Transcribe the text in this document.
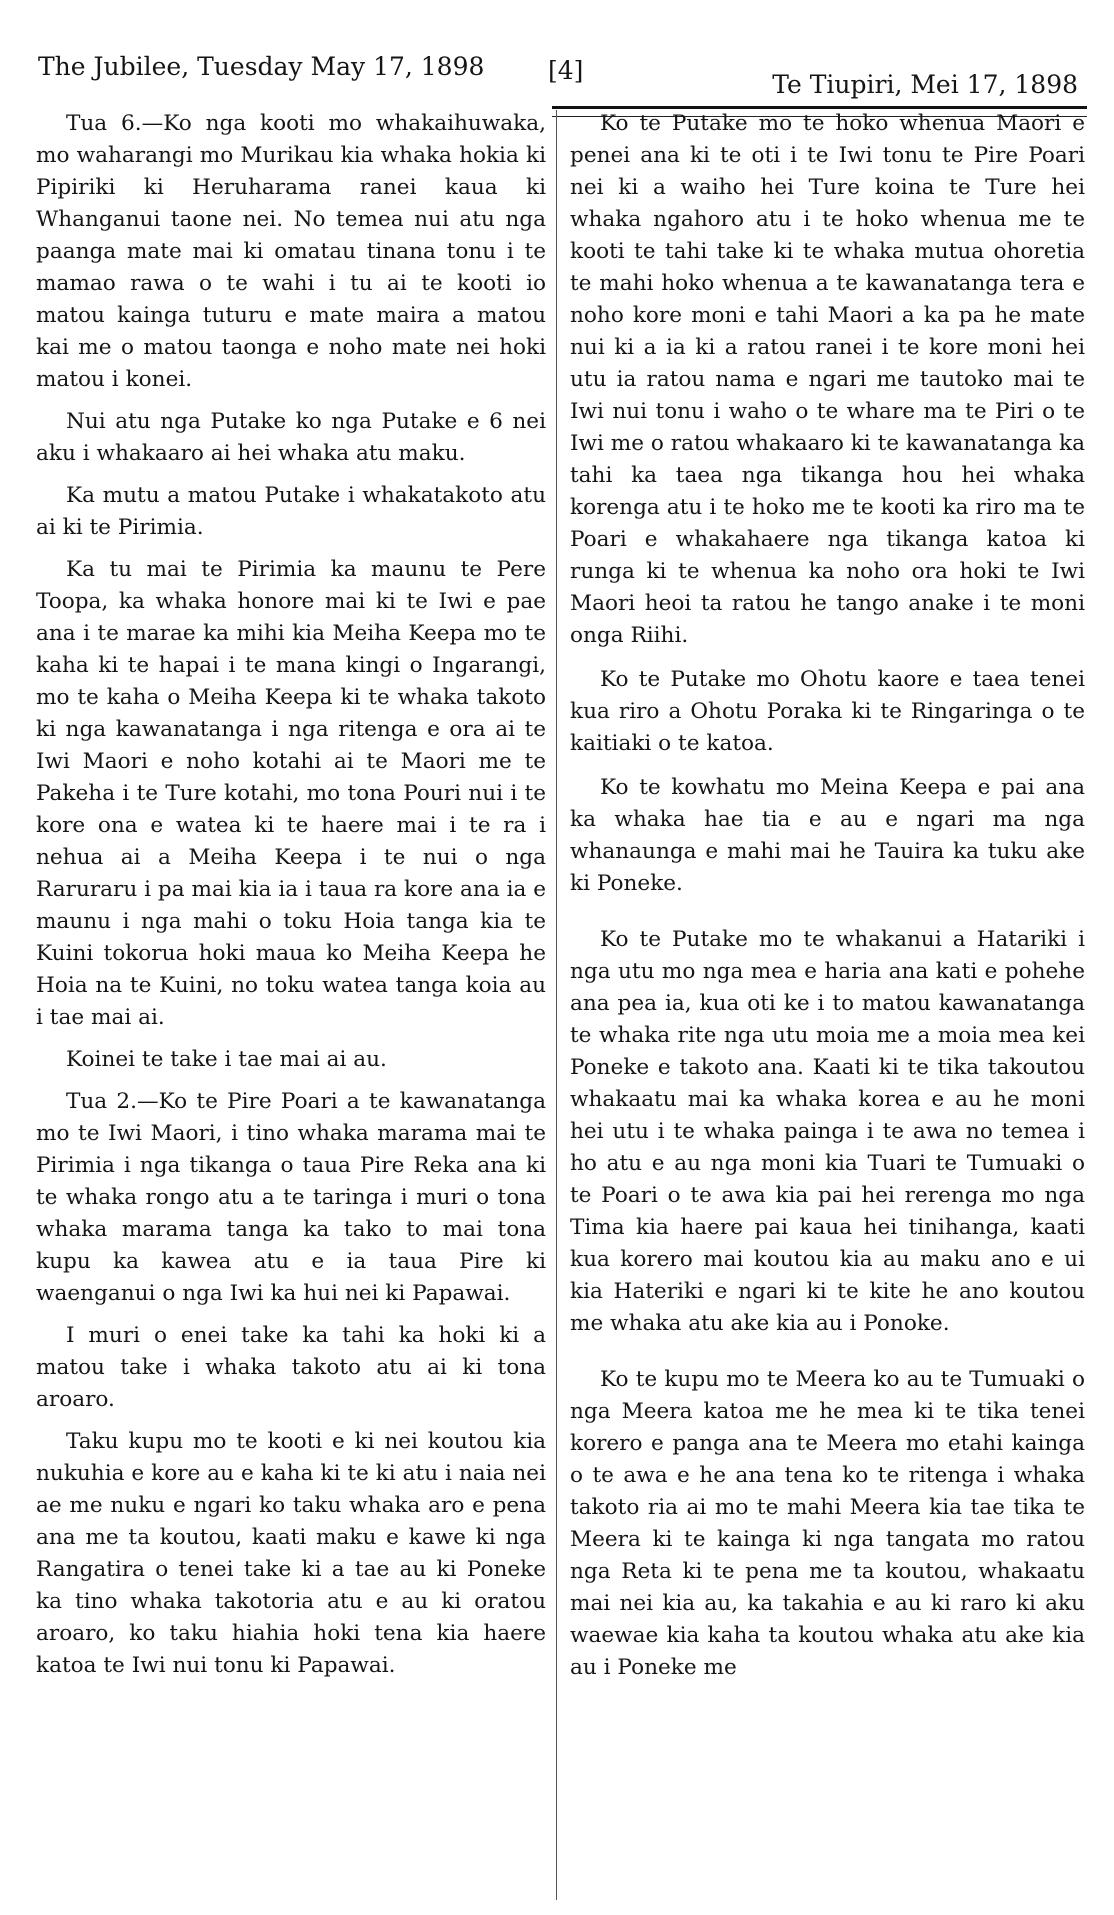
The Jubilee, Tuesday May 17, 1898	[4]	Te Tiupiri, Mei 17, 1898

Tua 6.—Ko nga kooti mo whakaihuwaka, mo waharangi mo Murikau kia whaka hokia ki Pipiriki ki Heruharama ranei kaua ki Whanganui taone nei. No temea nui atu nga paanga mate mai ki omatau tinana tonu i te mamao rawa o te wahi i tu ai te kooti io matou kainga tuturu e mate maira a matou kai me o matou taonga e noho mate nei hoki matou i konei.

Nui atu nga Putake ko nga Putake e 6 nei aku i whakaaro ai hei whaka atu maku.

Ka mutu a matou Putake i whakatakoto atu ai ki te Pirimia.

Ka tu mai te Pirimia ka maunu te Pere Toopa, ka whaka honore mai ki te Iwi e pae ana i te marae ka mihi kia Meiha Keepa mo te kaha ki te hapai i te mana kingi o Ingarangi, mo te kaha o Meiha Keepa ki te whaka takoto ki nga kawanatanga i nga ritenga e ora ai te Iwi Maori e noho kotahi ai te Maori me te Pakeha i te Ture kotahi, mo tona Pouri nui i te kore ona e watea ki te haere mai i te ra i nehua ai a Meiha Keepa i te nui o nga Raruraru i pa mai kia ia i taua ra kore ana ia e maunu i nga mahi o toku Hoia tanga kia te Kuini tokorua hoki maua ko Meiha Keepa he Hoia na te Kuini, no toku watea tanga koia au i tae mai ai.

Koinei te take i tae mai ai au.

Tua 2.—Ko te Pire Poari a te kawanatanga mo te Iwi Maori, i tino whaka marama mai te Pirimia i nga tikanga o taua Pire Reka ana ki te whaka rongo atu a te taringa i muri o tona whaka marama tanga ka tako to mai tona kupu ka kawea atu e ia taua Pire ki waenganui o nga Iwi ka hui nei ki Papawai.

I muri o enei take ka tahi ka hoki ki a matou take i whaka takoto atu ai ki tona aroaro.

Taku kupu mo te kooti e ki nei koutou kia nukuhia e kore au e kaha ki te ki atu i naia nei ae me nuku e ngari ko taku whaka aro e pena ana me ta koutou, kaati maku e kawe ki nga Rangatira o tenei take ki a tae au ki Poneke ka tino whaka takotoria atu e au ki oratou aroaro, ko taku hiahia hoki tena kia haere katoa te Iwi nui tonu ki Papawai.

Ko te Putake mo te hoko whenua Maori e penei ana ki te oti i te Iwi tonu te Pire Poari nei ki a waiho hei Ture koina te Ture hei whaka ngahoro atu i te hoko whenua me te kooti te tahi take ki te whaka mutua ohoretia te mahi hoko whenua a te kawanatanga tera e noho kore moni e tahi Maori a ka pa he mate nui ki a ia ki a ratou ranei i te kore moni hei utu ia ratou nama e ngari me tautoko mai te Iwi nui tonu i waho o te whare ma te Piri o te Iwi me o ratou whakaaro ki te kawanatanga ka tahi ka taea nga tikanga hou hei whaka korenga atu i te hoko me te kooti ka riro ma te Poari e whakahaere nga tikanga katoa ki runga ki te whenua ka noho ora hoki te Iwi Maori heoi ta ratou he tango anake i te moni onga Riihi.

Ko te Putake mo Ohotu kaore e taea tenei kua riro a Ohotu Poraka ki te Ringaringa o te kaitiaki o te katoa.

Ko te kowhatu mo Meina Keepa e pai ana ka whaka hae tia e au e ngari ma nga whanaunga e mahi mai he Tauira ka tuku ake ki Poneke.

Ko te Putake mo te whakanui a Hatariki i nga utu mo nga mea e haria ana kati e pohehe ana pea ia, kua oti ke i to matou kawanatanga te whaka rite nga utu moia me a moia mea kei Poneke e takoto ana. Kaati ki te tika takoutou whakaatu mai ka whaka korea e au he moni hei utu i te whaka painga i te awa no temea i ho atu e au nga moni kia Tuari te Tumuaki o te Poari o te awa kia pai hei rerenga mo nga Tima kia haere pai kaua hei tinihanga, kaati kua korero mai koutou kia au maku ano e ui kia Hateriki e ngari ki te kite he ano koutou me whaka atu ake kia au i Ponoke.

Ko te kupu mo te Meera ko au te Tumuaki o nga Meera katoa me he mea ki te tika tenei korero e panga ana te Meera mo etahi kainga o te awa e he ana tena ko te ritenga i whaka takoto ria ai mo te mahi Meera kia tae tika te Meera ki te kainga ki nga tangata mo ratou nga Reta ki te pena me ta koutou, whakaatu mai nei kia au, ka takahia e au ki raro ki aku waewae kia kaha ta koutou whaka atu ake kia au i Poneke me
